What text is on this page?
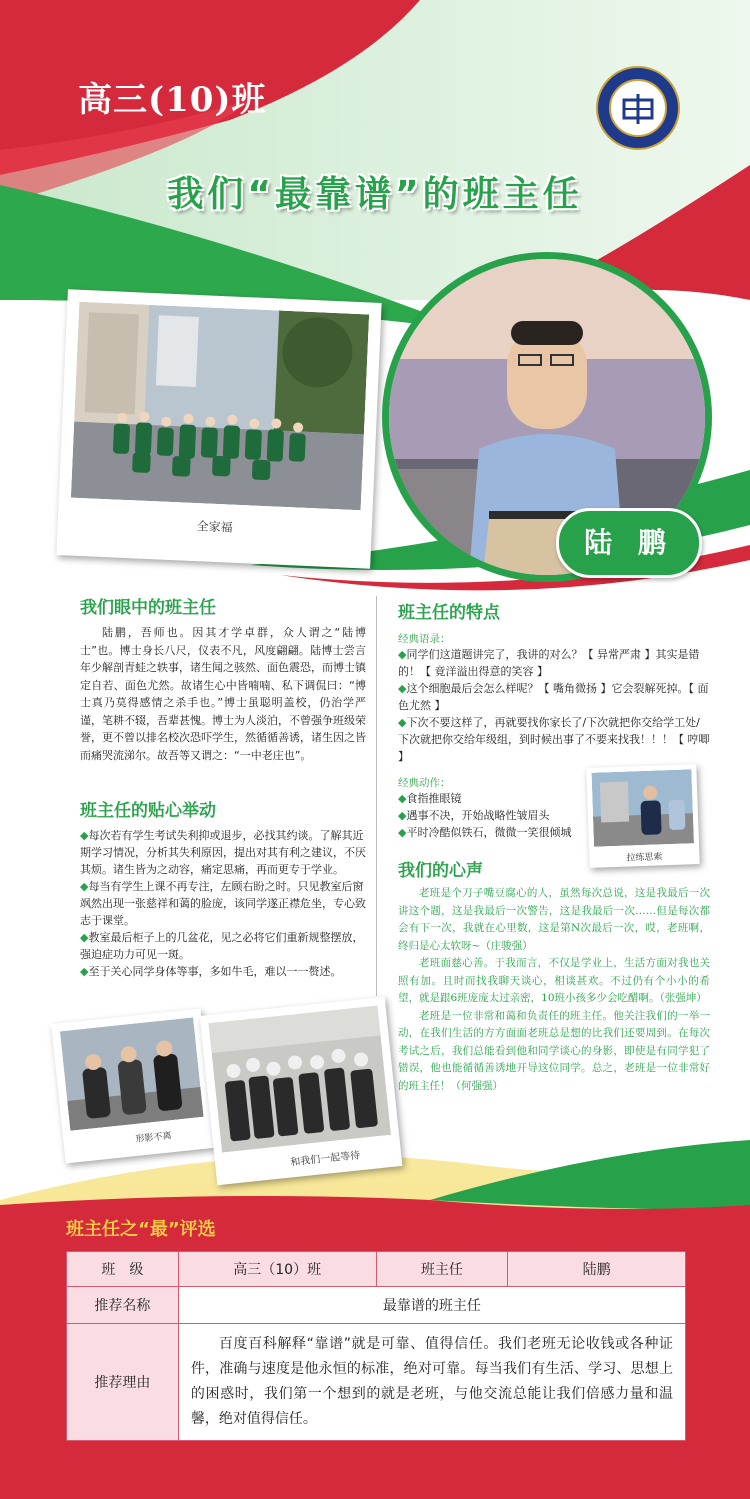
高三(10)班
我们“最靠谱”的班主任
全家福	陆 鹏
我们眼中的班主任
陆鹏，吾师也。因其才学卓群，众人谓之“陆博士”也。博士身长八尺，仪表不凡，风度翩翩。陆博士尝言年少解剖青蛙之轶事，诸生闻之骇然、面色震恐，而博士镇定自若、面色尤然。故诸生心中皆喃喃、私下调侃曰：“博士真乃莫得感情之杀手也。”博士虽聪明盖校，仍治学严谨，笔耕不辍，吾辈甚愧。博士为人淡泊，不曾强争班级荣誉，更不曾以排名校次恐吓学生，然循循善诱，诸生因之皆而痛哭流涕尔。故吾等又谓之：“一中老庄也”。
班主任的贴心举动
◆每次若有学生考试失利抑或退步，必找其约谈。了解其近期学习情况，分析其失利原因，提出对其有利之建议，不厌其烦。诸生皆为之动容，痛定思痛，再而更专于学业。
◆每当有学生上课不再专注，左顾右盼之时。只见教室后窗飒然出现一张慈祥和蔼的脸庞，该同学遂正襟危坐，专心致志于课堂。
◆教室最后柜子上的几盆花，见之必将它们重新规整摆放，强迫症功力可见一斑。
◆至于关心同学身体等事，多如牛毛，难以一一赘述。
班主任的特点
经典语录：
◆同学们这道题讲完了，我讲的对么？【 异常严肃 】其实是错的！【 竟洋溢出得意的笑容 】
◆这个细胞最后会怎么样呢？【 嘴角微扬 】它会裂解死掉。【 面色尤然 】
◆下次不要这样了，再就要找你家长了/下次就把你交给学工处/下次就把你交给年级组，到时候出事了不要来找我！！！【 哼唧 】
经典动作：
◆食指推眼镜
◆遇事不决，开始战略性皱眉头
◆平时冷酷似铁石，微微一笑很倾城
拉练思索
我们的心声
老班是个刀子嘴豆腐心的人，虽然每次总说，这是我最后一次讲这个题，这是我最后一次警告，这是我最后一次……但是每次都会有下一次，我就在心里数，这是第N次最后一次，哎，老班啊，终归是心太软呀~（庄骏强）
老班面慈心善。于我而言，不仅是学业上，生活方面对我也关照有加。且时而找我聊天谈心，相谈甚欢。不过仍有个小小的希望，就是跟6班庞庞太过亲密，10班小孩多少会吃醋啊。（张强坤）
老班是一位非常和蔼和负责任的班主任。他关注我们的一举一动，在我们生活的方方面面老班总是想的比我们还要周到。在每次考试之后，我们总能看到他和同学谈心的身影，即使是有同学犯了错误，他也能循循善诱地开导这位同学。总之，老班是一位非常好的班主任！（何强强）
形影不离
和我们一起等待
班主任之“最”评选
班　级	高三（10）班	班主任	陆鹏
推荐名称	最靠谱的班主任		
推荐理由	百度百科解释“靠谱”就是可靠、值得信任。我们老班无论收钱或各种证件，准确与速度是他永恒的标准，绝对可靠。每当我们有生活、学习、思想上的困惑时，我们第一个想到的就是老班，与他交流总能让我们倍感力量和温馨，绝对值得信任。		
